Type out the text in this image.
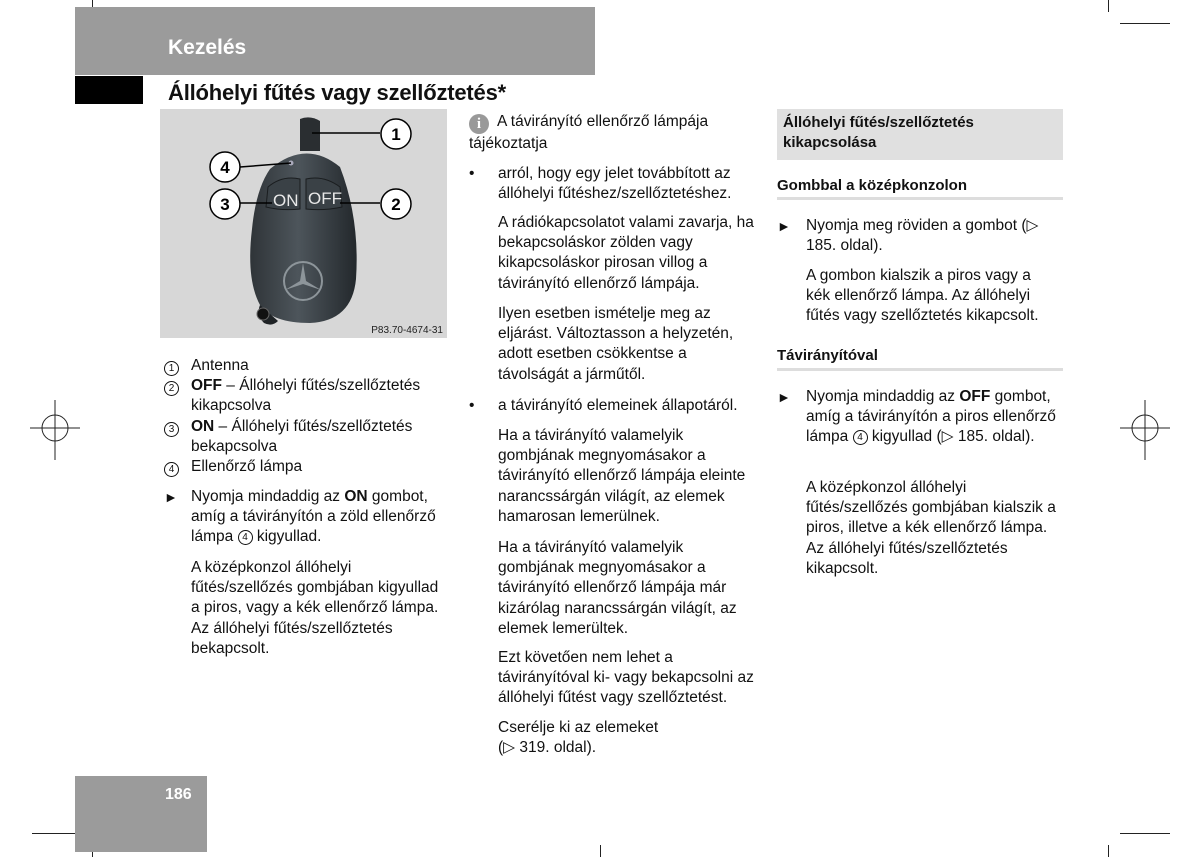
Kezelés
Állóhelyi fűtés vagy szellőztetés*
ON OFF
1
2
3
4
P83.70-4674-31
1	Antenna
2	OFF – Állóhelyi fűtés/szellőztetés kikapcsolva
3	ON – Állóhelyi fűtés/szellőztetés bekapcsolva
4	Ellenőrző lámpa
► Nyomja mindaddig az ON gombot, amíg a távirányítón a zöld ellenőrző lámpa 4 kigyullad.
A középkonzol állóhelyi fűtés/szellőzés gombjában kigyullad a piros, vagy a kék ellenőrző lámpa. Az állóhelyi fűtés/szellőztetés bekapcsolt.
i A távirányító ellenőrző lámpája tájékoztatja
• arról, hogy egy jelet továbbított az állóhelyi fűtéshez/szellőztetéshez.
A rádiókapcsolatot valami zavarja, ha bekapcsoláskor zölden vagy kikapcsoláskor pirosan villog a távirányító ellenőrző lámpája.
Ilyen esetben ismételje meg az eljárást. Változtasson a helyzetén, adott esetben csökkentse a távolságát a járműtől.
• a távirányító elemeinek állapotáról.
Ha a távirányító valamelyik gombjának megnyomásakor a távirányító ellenőrző lámpája eleinte narancssárgán világít, az elemek hamarosan lemerülnek.
Ha a távirányító valamelyik gombjának megnyomásakor a távirányító ellenőrző lámpája már kizárólag narancssárgán világít, az elemek lemerültek.
Ezt követően nem lehet a távirányítóval ki- vagy bekapcsolni az állóhelyi fűtést vagy szellőztetést.
Cserélje ki az elemeket
(▷ 319. oldal).
Állóhelyi fűtés/szellőztetés kikapcsolása
Gombbal a középkonzolon
► Nyomja meg röviden a gombot (▷ 185. oldal).
A gombon kialszik a piros vagy a kék ellenőrző lámpa. Az állóhelyi fűtés vagy szellőztetés kikapcsolt.
Távirányítóval
► Nyomja mindaddig az OFF gombot, amíg a távirányítón a piros ellenőrző lámpa 4 kigyullad (▷ 185. oldal).
A középkonzol állóhelyi fűtés/szellőzés gombjában kialszik a piros, illetve a kék ellenőrző lámpa. Az állóhelyi fűtés/szellőztetés kikapcsolt.
186
